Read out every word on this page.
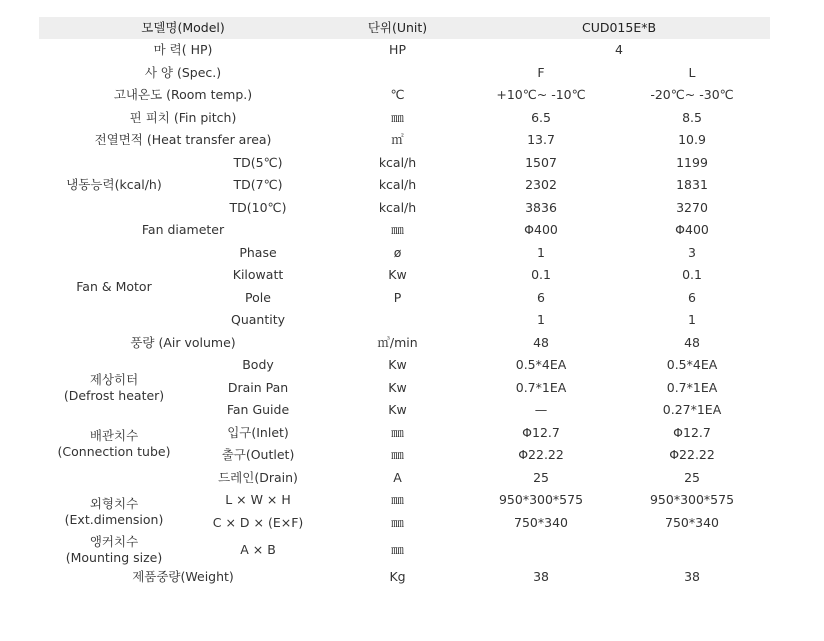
모델명(Model)		단위(Unit)	CUD015E*B	
마 력( HP)		HP	4	
사 양 (Spec.)			F	L
고내온도 (Room temp.)		℃	+10℃~ -10℃	-20℃~ -30℃
핀 피치 (Fin pitch)		㎜	6.5	8.5
전열면적 (Heat transfer area)		㎡	13.7	10.9
냉동능력(kcal/h)	TD(5℃)	kcal/h	1507	1199
	TD(7℃)	kcal/h	2302	1831
	TD(10℃)	kcal/h	3836	3270
Fan diameter		㎜	Φ400	Φ400
Fan & Motor	Phase	ø	1	3
	Kilowatt	Kw	0.1	0.1
	Pole	P	6	6
	Quantity		1	1
풍량 (Air volume)		㎥/min	48	48
제상히터
(Defrost heater)	Body	Kw	0.5*4EA	0.5*4EA
	Drain Pan	Kw	0.7*1EA	0.7*1EA
	Fan Guide	Kw	—	0.27*1EA
배관치수
(Connection tube)	입구(Inlet)	㎜	Φ12.7	Φ12.7
	출구(Outlet)	㎜	Φ22.22	Φ22.22
	드레인(Drain)	A	25	25
외형치수
(Ext.dimension)	L × W × H	㎜	950*300*575	950*300*575
	C × D × (E×F)	㎜	750*340	750*340
앵커치수
(Mounting size)	A × B	㎜		
제품중량(Weight)		Kg	38	38
